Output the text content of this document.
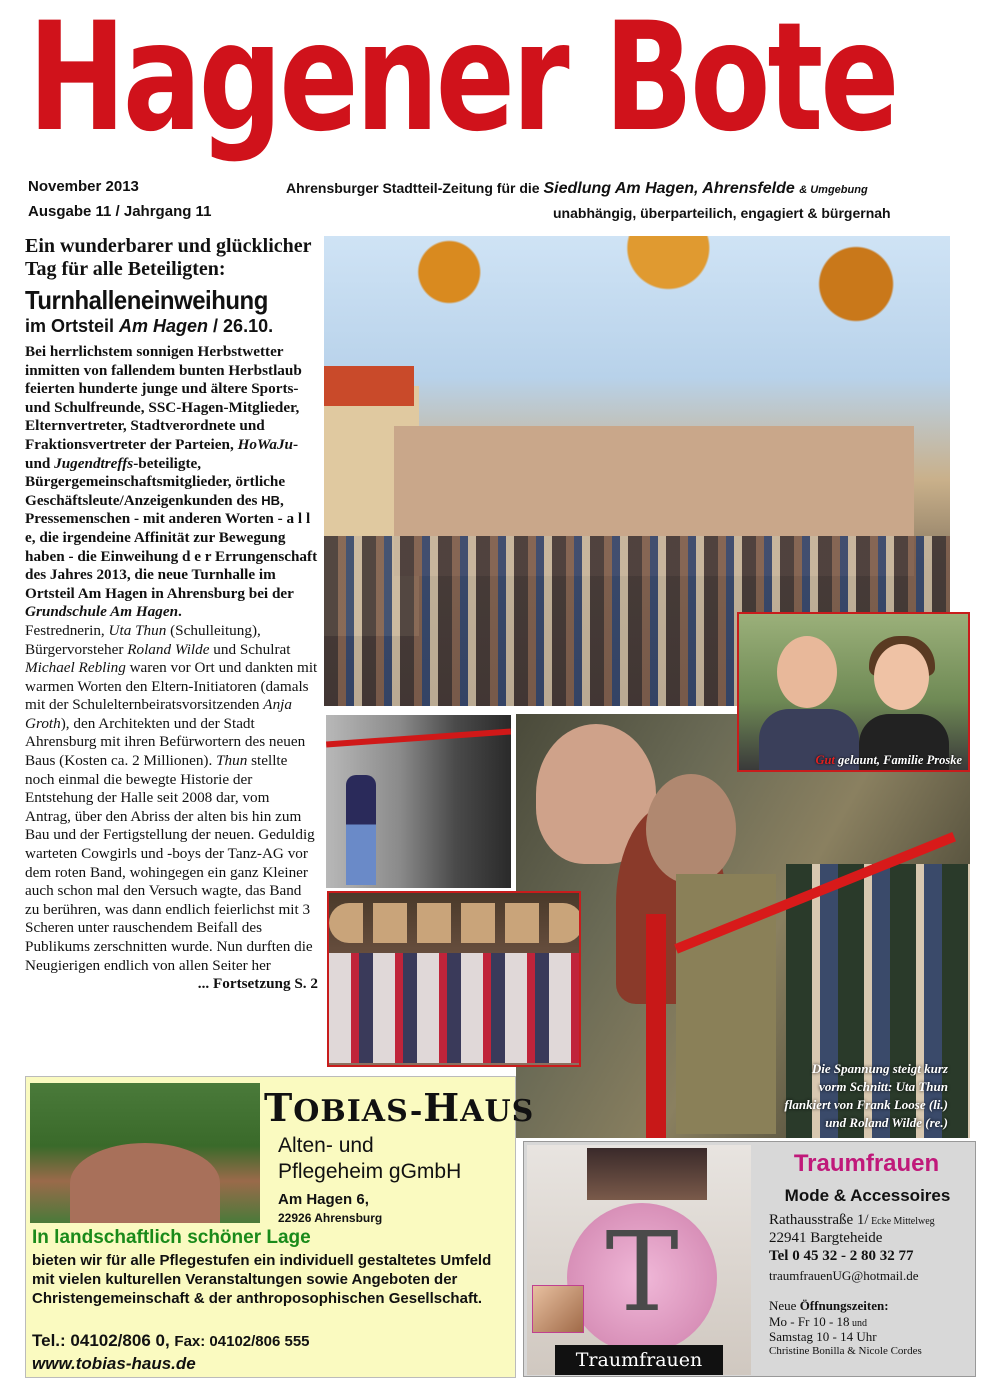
Hagener Bote
November 2013
Ausgabe 11 / Jahrgang 11
Ahrensburger Stadtteil-Zeitung für die Siedlung Am Hagen, Ahrensfelde & Umgebung
unabhängig, überparteilich, engagiert & bürgernah
Ein wunderbarer und glücklicher Tag für alle Beteiligten:
Turnhalleneinweihung
im Ortsteil Am Hagen / 26.10.

Bei herrlichstem sonnigen Herbstwetter inmitten von fallendem bunten Herbstlaub feierten hunderte junge und ältere Sports- und Schulfreunde, SSC-Hagen-Mitglieder, Elternvertreter, Stadtverordnete und Fraktionsvertreter der Parteien, HoWaJu- und Jugendtreffs-beteiligte, Bürgergemeinschaftsmitglieder, örtliche Geschäftsleute/Anzeigenkunden des HB, Pressemenschen - mit anderen Worten - a l l e, die irgendeine Affinität zur Bewegung haben - die Einweihung d e r Errungenschaft des Jahres 2013, die neue Turnhalle im Ortsteil Am Hagen in Ahrensburg bei der Grundschule Am Hagen.

Festrednerin, Uta Thun (Schulleitung), Bürgervorsteher Roland Wilde und Schulrat Michael Rebling waren vor Ort und dankten mit warmen Worten den Eltern-Initiatoren (damals mit der Schulelternbeiratsvorsitzenden Anja Groth), den Architekten und der Stadt Ahrensburg mit ihren Befürwortern des neuen Baus (Kosten ca. 2 Millionen). Thun stellte noch einmal die bewegte Historie der Entstehung der Halle seit 2008 dar, vom Antrag, über den Abriss der alten bis hin zum Bau und der Fertigstellung der neuen. Geduldig warteten Cowgirls und -boys der Tanz-AG vor dem roten Band, wohingegen ein ganz Kleiner auch schon mal den Versuch wagte, das Band zu berühren, was dann endlich feierlichst mit 3 Scheren unter rauschendem Beifall des Publikums zerschnitten wurde. Nun durften die Neugierigen endlich von allen Seiter her

... Fortsetzung S. 2

Die Spannung steigt kurz
vorm Schnitt: Uta Thun
flankiert von Frank Loose (li.)
und Roland Wilde (re.)
Gut gelaunt, Familie Proske
TOBIAS-HAUS
Alten- und
Pflegeheim gGmbH
Am Hagen 6,
22926 Ahrensburg
In landschaftlich schöner Lage
bieten wir für alle Pflegestufen ein individuell gestaltetes Umfeld mit vielen kulturellen Veranstaltungen sowie Angeboten der Christengemeinschaft & der anthroposophischen Gesellschaft.
Tel.: 04102/806 0, Fax: 04102/806 555
www.tobias-haus.de
T
Traumfrauen
Traumfrauen
Mode & Accessoires
Rathausstraße 1/ Ecke Mittelweg
22941 Bargteheide
Tel 0 45 32 - 2 80 32 77
traumfrauenUG@hotmail.de
Neue Öffnungszeiten:
Mo - Fr 10 - 18 und
Samstag 10 - 14 Uhr
Christine Bonilla & Nicole Cordes
